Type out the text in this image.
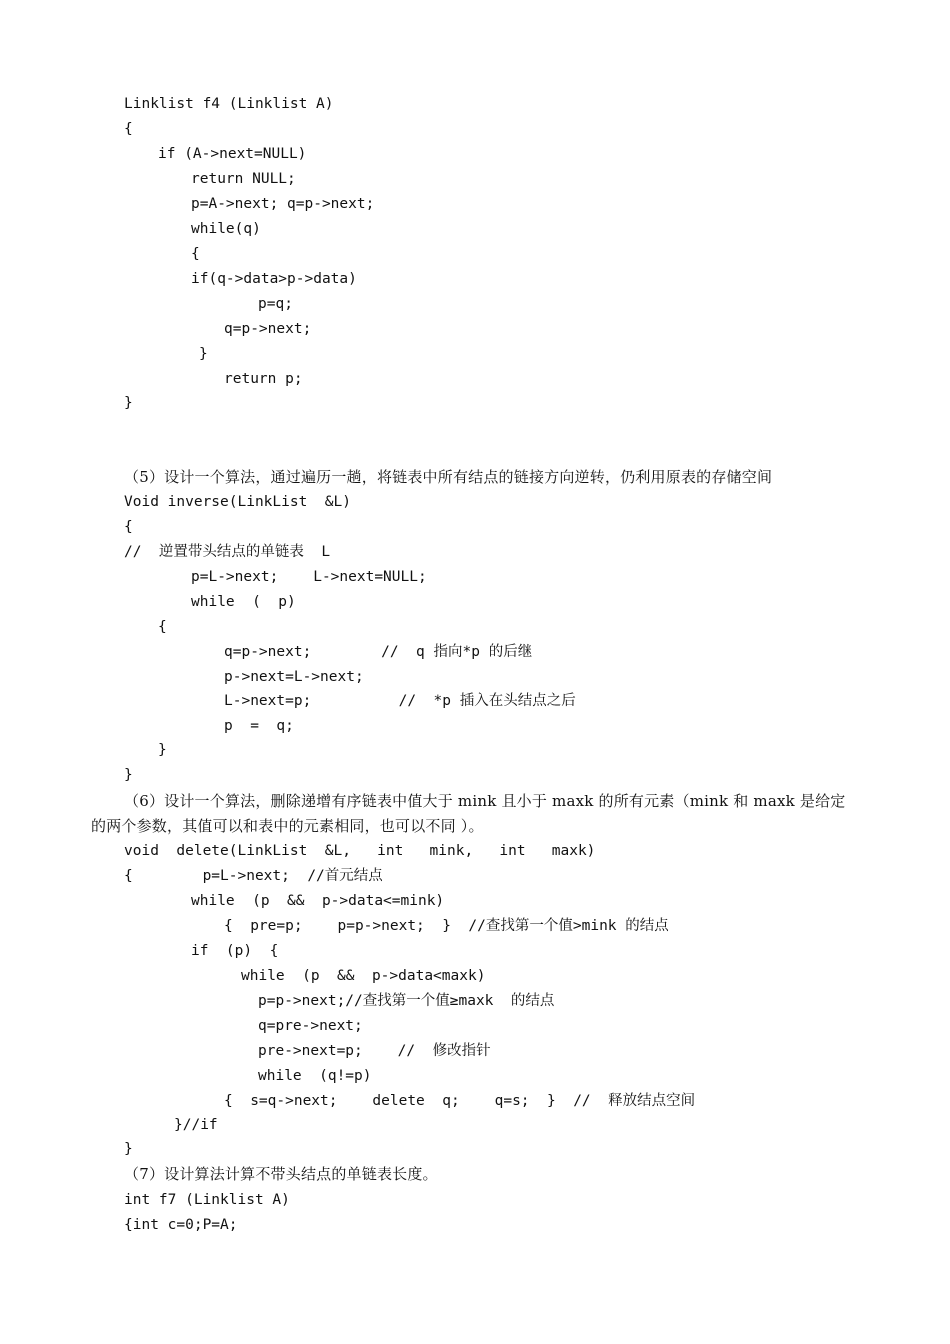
Linklist f4 (Linklist A)
{
if (A->next=NULL)
return NULL;
p=A->next; q=p->next;
while(q)
{
if(q->data>p->data)
p=q;
q=p->next;
}
return p;
}
（5）设计一个算法，通过遍历一趟，将链表中所有结点的链接方向逆转，仍利用原表的存储空间
Void inverse(LinkList  &L)
{
//  逆置带头结点的单链表  L
p=L->next;    L->next=NULL;
while  (  p)
{
q=p->next;        //  q 指向*p 的后继
p->next=L->next;
L->next=p;          //  *p 插入在头结点之后
p  =  q;
}
}
（6）设计一个算法，删除递增有序链表中值大于 mink 且小于 maxk 的所有元素（mink 和 maxk 是给定
的两个参数，其值可以和表中的元素相同，也可以不同 ）。
void  delete(LinkList  &L,   int   mink,   int   maxk)
{        p=L->next;  //首元结点
while  (p  &&  p->data<=mink)
{  pre=p;    p=p->next;  }  //查找第一个值>mink 的结点
if  (p)  {
while  (p  &&  p->data<maxk)
p=p->next;//查找第一个值≥maxk  的结点
q=pre->next;
pre->next=p;    //  修改指针
while  (q!=p)
{  s=q->next;    delete  q;    q=s;  }  //  释放结点空间
}//if
}
（7）设计算法计算不带头结点的单链表长度。
int f7 (Linklist A)
{int c=0;P=A;
